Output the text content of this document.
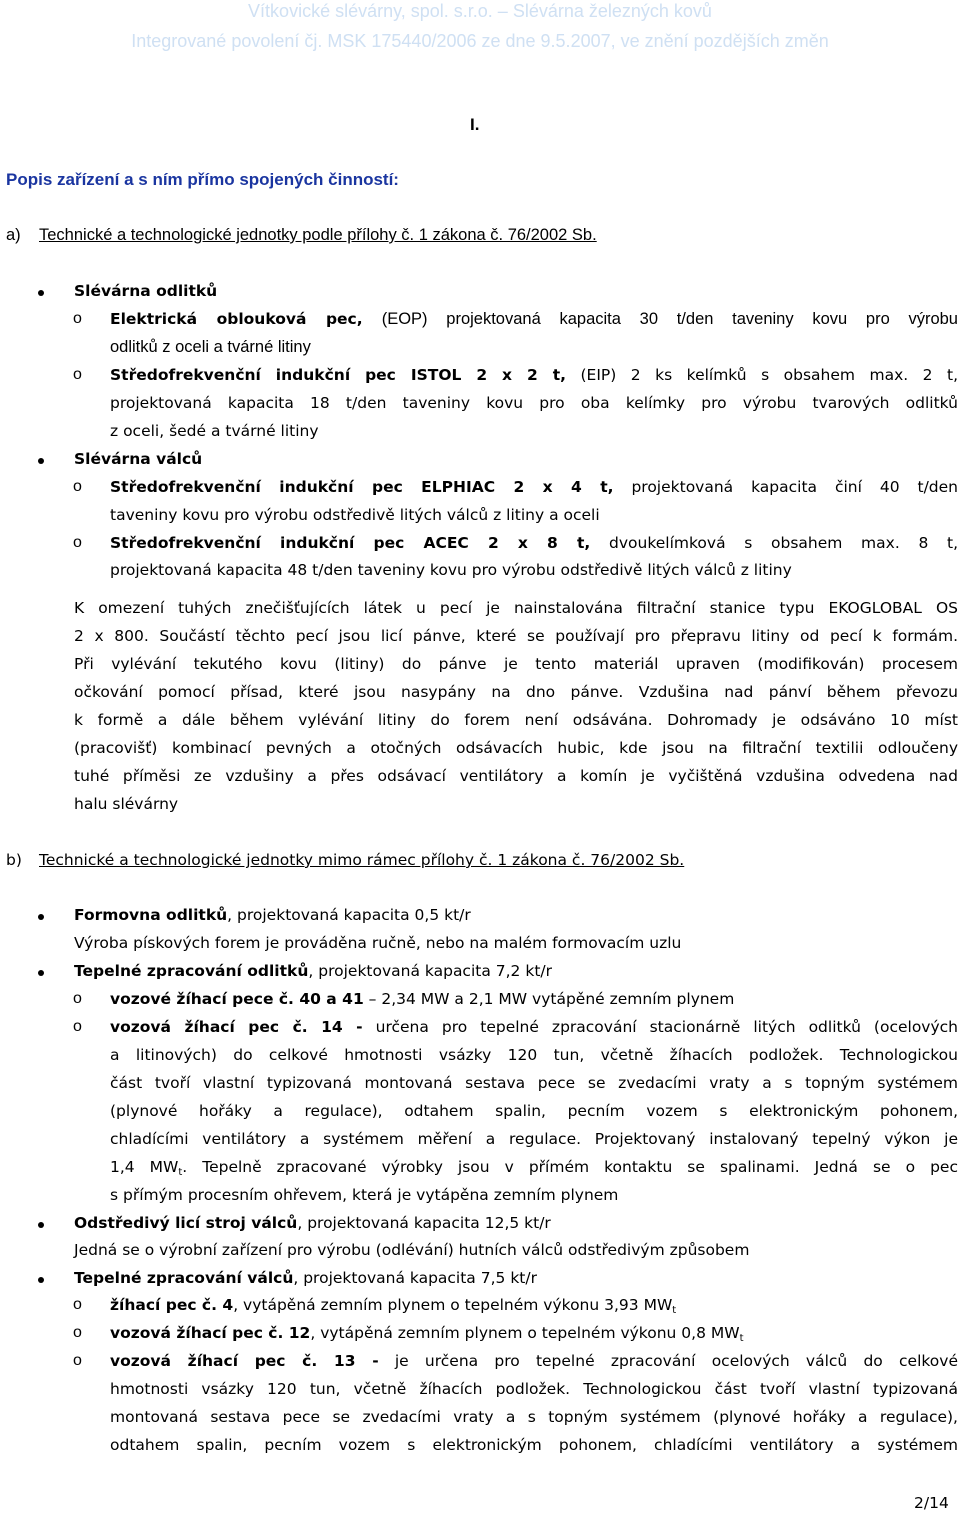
Vítkovické slévárny, spol. s.r.o. – Slévárna železných kovů
Integrované povolení čj. MSK 175440/2006 ze dne 9.5.2007, ve znění pozdějších změn
I.
Popis zařízení a s ním přímo spojených činností:
a) Technické a technologické jednotky podle přílohy č. 1 zákona č. 76/2002 Sb.
Slévárna odlitků
o Elektrická oblouková pec, (EOP) projektovaná kapacita 30 t/den taveniny kovu pro výrobu
odlitků z oceli a tvárné litiny
o Středofrekvenční indukční pec ISTOL 2 x 2 t, (EIP) 2 ks kelímků s obsahem max. 2 t,
projektovaná kapacita 18 t/den taveniny kovu pro oba kelímky pro výrobu tvarových odlitků
z oceli, šedé a tvárné litiny
Slévárna válců
o Středofrekvenční indukční pec ELPHIAC 2 x 4 t, projektovaná kapacita činí 40 t/den
taveniny kovu pro výrobu odstředivě litých válců z litiny a oceli
o Středofrekvenční indukční pec ACEC 2 x 8 t, dvoukelímková s obsahem max. 8 t,
projektovaná kapacita 48 t/den taveniny kovu pro výrobu odstředivě litých válců z litiny
K omezení tuhých znečišťujících látek u pecí je nainstalována filtrační stanice typu EKOGLOBAL OS
2 x 800. Součástí těchto pecí jsou licí pánve, které se používají pro přepravu litiny od pecí k formám.
Při vylévání tekutého kovu (litiny) do pánve je tento materiál upraven (modifikován) procesem
očkování pomocí přísad, které jsou nasypány na dno pánve. Vzdušina nad pánví během převozu
k formě a dále během vylévání litiny do forem není odsávána. Dohromady je odsáváno 10 míst
(pracovišť) kombinací pevných a otočných odsávacích hubic, kde jsou na filtrační textilii odloučeny
tuhé příměsi ze vzdušiny a přes odsávací ventilátory a komín je vyčištěná vzdušina odvedena nad
halu slévárny
b) Technické a technologické jednotky mimo rámec přílohy č. 1 zákona č. 76/2002 Sb.
Formovna odlitků, projektovaná kapacita 0,5 kt/r
Výroba pískových forem je prováděna ručně, nebo na malém formovacím uzlu
Tepelné zpracování odlitků, projektovaná kapacita 7,2 kt/r
o vozové žíhací pece č. 40 a 41 – 2,34 MW a 2,1 MW vytápěné zemním plynem
o vozová žíhací pec č. 14 - určena pro tepelné zpracování stacionárně litých odlitků (ocelových
a litinových) do celkové hmotnosti vsázky 120 tun, včetně žíhacích podložek. Technologickou
část tvoří vlastní typizovaná montovaná sestava pece se zvedacími vraty a s topným systémem
(plynové hořáky a regulace), odtahem spalin, pecním vozem s elektronickým pohonem,
chladícími ventilátory a systémem měření a regulace. Projektovaný instalovaný tepelný výkon je
1,4 $MW_t$. Tepelně zpracované výrobky jsou v přímém kontaktu se spalinami. Jedná se o pec
s přímým procesním ohřevem, která je vytápěna zemním plynem
Odstředivý licí stroj válců, projektovaná kapacita 12,5 kt/r
Jedná se o výrobní zařízení pro výrobu (odlévání) hutních válců odstředivým způsobem
Tepelné zpracování válců, projektovaná kapacita 7,5 kt/r
o žíhací pec č. 4, vytápěná zemním plynem o tepelném výkonu 3,93 $MW_t$
o vozová žíhací pec č. 12, vytápěná zemním plynem o tepelném výkonu 0,8 $MW_t$
o vozová žíhací pec č. 13 - je určena pro tepelné zpracování ocelových válců do celkové
hmotnosti vsázky 120 tun, včetně žíhacích podložek. Technologickou část tvoří vlastní typizovaná
montovaná sestava pece se zvedacími vraty a s topným systémem (plynové hořáky a regulace),
odtahem spalin, pecním vozem s elektronickým pohonem, chladícími ventilátory a systémem
2/14
